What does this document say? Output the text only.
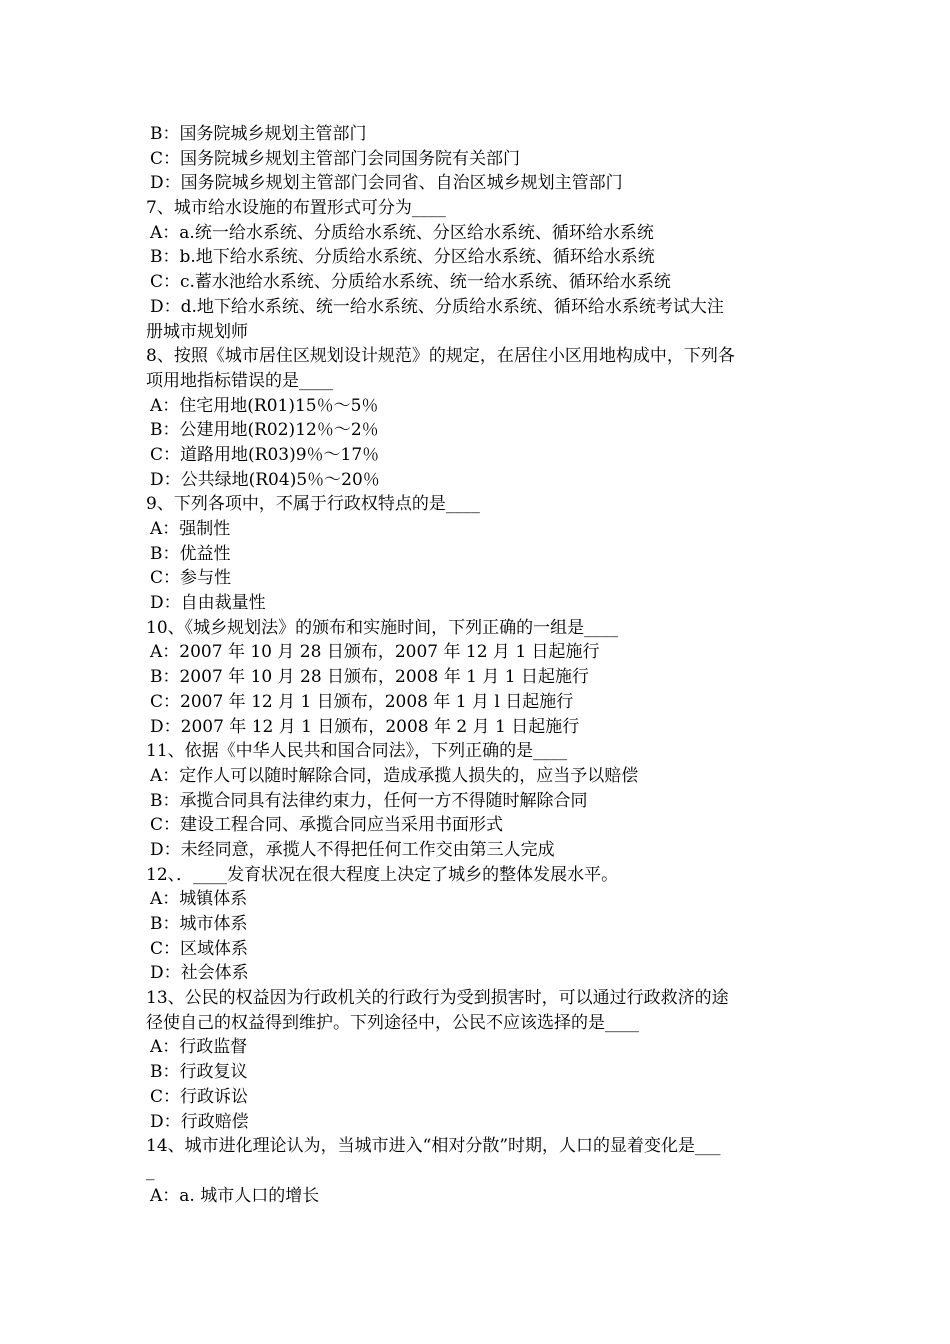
B：国务院城乡规划主管部门
C：国务院城乡规划主管部门会同国务院有关部门
D：国务院城乡规划主管部门会同省、自治区城乡规划主管部门
7、城市给水设施的布置形式可分为____
A：a.统一给水系统、分质给水系统、分区给水系统、循环给水系统
B：b.地下给水系统、分质给水系统、分区给水系统、循环给水系统
C：c.蓄水池给水系统、分质给水系统、统一给水系统、循环给水系统
D：d.地下给水系统、统一给水系统、分质给水系统、循环给水系统考试大注
册城市规划师
8、按照《城市居住区规划设计规范》的规定，在居住小区用地构成中，下列各
项用地指标错误的是____
A：住宅用地(R01)15％～5％
B：公建用地(R02)12％～2％
C：道路用地(R03)9％～17％
D：公共绿地(R04)5％～20％
9、下列各项中，不属于行政权特点的是____
A：强制性
B：优益性
C：参与性
D：自由裁量性
10、《城乡规划法》的颁布和实施时间，下列正确的一组是____
A：2007 年 10 月 28 日颁布，2007 年 12 月 1 日起施行
B：2007 年 10 月 28 日颁布，2008 年 1 月 1 日起施行
C：2007 年 12 月 1 日颁布，2008 年 1 月 l 日起施行
D：2007 年 12 月 1 日颁布，2008 年 2 月 1 日起施行
11、依据《中华人民共和国合同法》，下列正确的是____
A：定作人可以随时解除合同，造成承揽人损失的，应当予以赔偿
B：承揽合同具有法律约束力，任何一方不得随时解除合同
C：建设工程合同、承揽合同应当采用书面形式
D：未经同意，承揽人不得把任何工作交由第三人完成
12、．____发育状况在很大程度上决定了城乡的整体发展水平。
A：城镇体系
B：城市体系
C：区域体系
D：社会体系
13、公民的权益因为行政机关的行政行为受到损害时，可以通过行政救济的途
径使自己的权益得到维护。下列途径中，公民不应该选择的是____
A：行政监督
B：行政复议
C：行政诉讼
D：行政赔偿
14、城市进化理论认为，当城市进入“相对分散”时期，人口的显着变化是___
_
A：a. 城市人口的增长
